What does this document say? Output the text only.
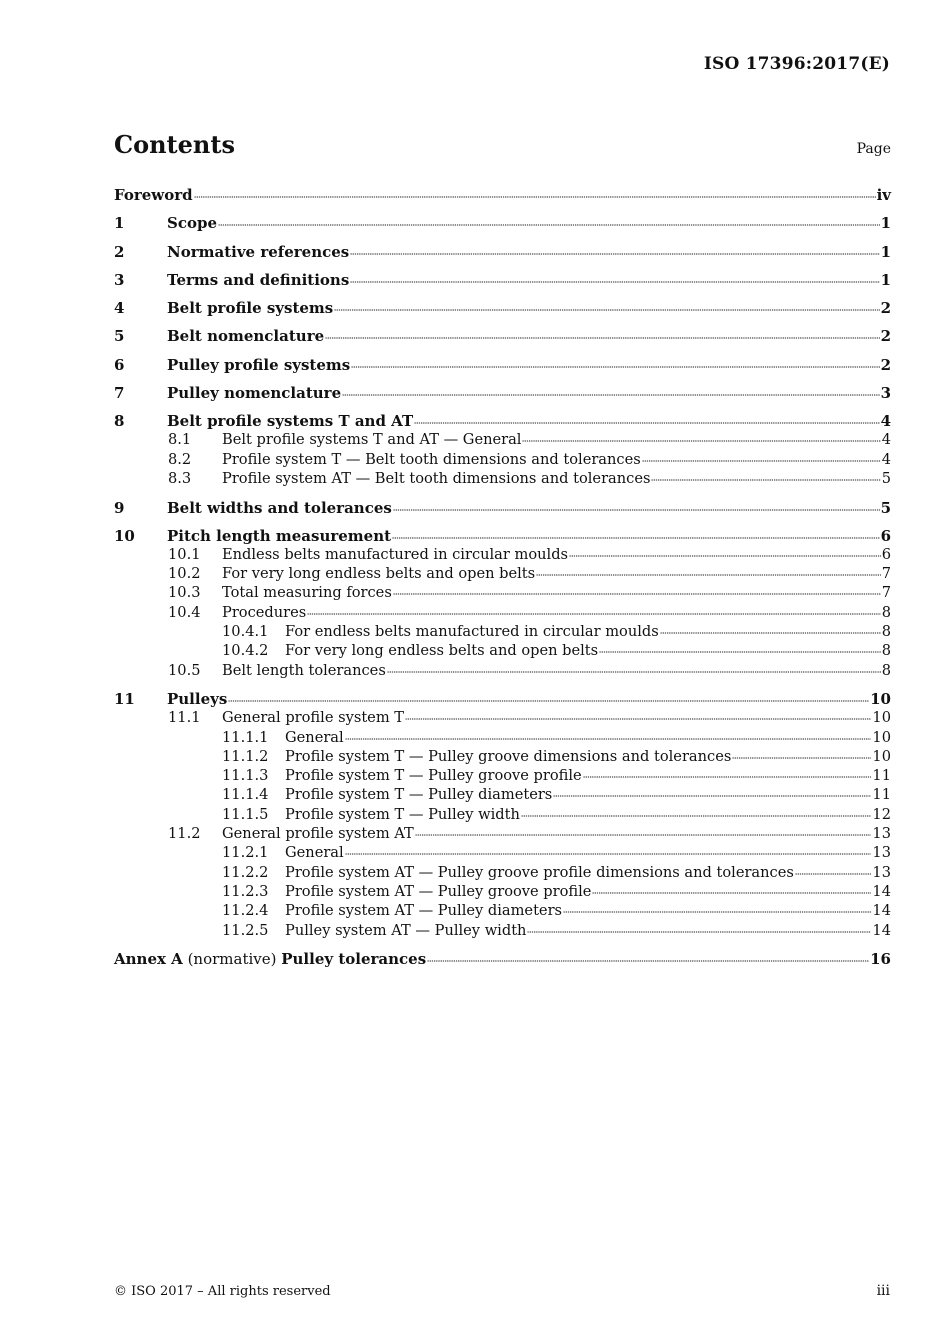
ISO 17396:2017(E)
Contents	Page
Foreword	iv
1	Scope	1
2	Normative references	1
3	Terms and definitions	1
4	Belt profile systems	2
5	Belt nomenclature	2
6	Pulley profile systems	2
7	Pulley nomenclature	3
8	Belt profile systems T and AT	4
8.1	Belt profile systems T and AT — General	4
8.2	Profile system T — Belt tooth dimensions and tolerances	4
8.3	Profile system AT — Belt tooth dimensions and tolerances	5
9	Belt widths and tolerances	5
10	Pitch length measurement	6
10.1	Endless belts manufactured in circular moulds	6
10.2	For very long endless belts and open belts	7
10.3	Total measuring forces	7
10.4	Procedures	8
10.4.1	For endless belts manufactured in circular moulds	8
10.4.2	For very long endless belts and open belts	8
10.5	Belt length tolerances	8
11	Pulleys	10
11.1	General profile system T	10
11.1.1	General	10
11.1.2	Profile system T — Pulley groove dimensions and tolerances	10
11.1.3	Profile system T — Pulley groove profile	11
11.1.4	Profile system T — Pulley diameters	11
11.1.5	Profile system T — Pulley width	12
11.2	General profile system AT	13
11.2.1	General	13
11.2.2	Profile system AT — Pulley groove profile dimensions and tolerances	13
11.2.3	Profile system AT — Pulley groove profile	14
11.2.4	Profile system AT — Pulley diameters	14
11.2.5	Pulley system AT — Pulley width	14
Annex A (normative) Pulley tolerances	16
© ISO 2017 – All rights reserved	iii
